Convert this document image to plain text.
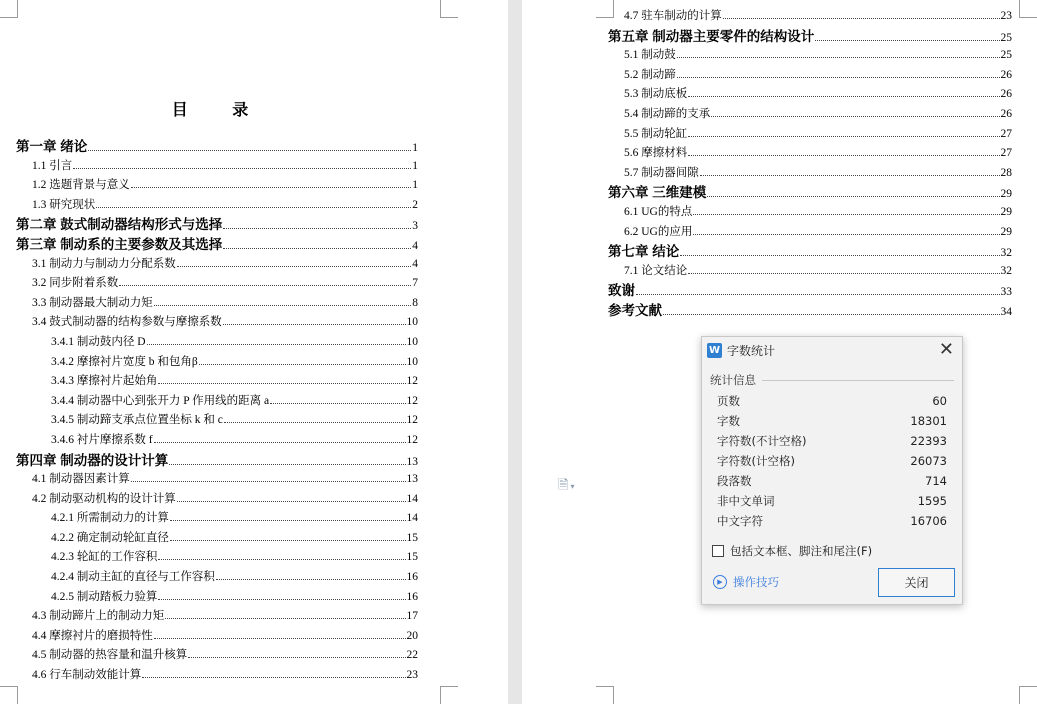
目 录
第一章 绪论	1
1.1 引言	1
1.2 选题背景与意义	1
1.3 研究现状	2
第二章 鼓式制动器结构形式与选择	3
第三章 制动系的主要参数及其选择	4
3.1 制动力与制动力分配系数	4
3.2 同步附着系数	7
3.3 制动器最大制动力矩	8
3.4 鼓式制动器的结构参数与摩擦系数	10
3.4.1 制动鼓内径 D	10
3.4.2 摩擦衬片宽度 b 和包角β	10
3.4.3 摩擦衬片起始角	12
3.4.4 制动器中心到张开力 P 作用线的距离 a	12
3.4.5 制动蹄支承点位置坐标 k 和 c	12
3.4.6 衬片摩擦系数 f	12
第四章 制动器的设计计算	13
4.1 制动器因素计算	13
4.2 制动驱动机构的设计计算	14
4.2.1 所需制动力的计算	14
4.2.2 确定制动轮缸直径	15
4.2.3 轮缸的工作容积	15
4.2.4 制动主缸的直径与工作容积	16
4.2.5 制动踏板力验算	16
4.3 制动蹄片上的制动力矩	17
4.4 摩擦衬片的磨损特性	20
4.5 制动器的热容量和温升核算	22
4.6 行车制动效能计算	23
4.7 驻车制动的计算	23
第五章 制动器主要零件的结构设计	25
5.1 制动鼓	25
5.2 制动蹄	26
5.3 制动底板	26
5.4 制动蹄的支承	26
5.5 制动轮缸	27
5.6 摩擦材料	27
5.7 制动器间隙	28
第六章 三维建模	29
6.1 UG的特点	29
6.2 UG的应用	29
第七章 结论	32
7.1 论文结论	32
致谢	33
参考文献	34
🗎 ▾
W 字数统计	✕
统计信息
页数	60
字数	18301
字符数(不计空格)	22393
字符数(计空格)	26073
段落数	714
非中文单词	1595
中文字符	16706
包括文本框、脚注和尾注(F)
▶ 操作技巧	关闭
